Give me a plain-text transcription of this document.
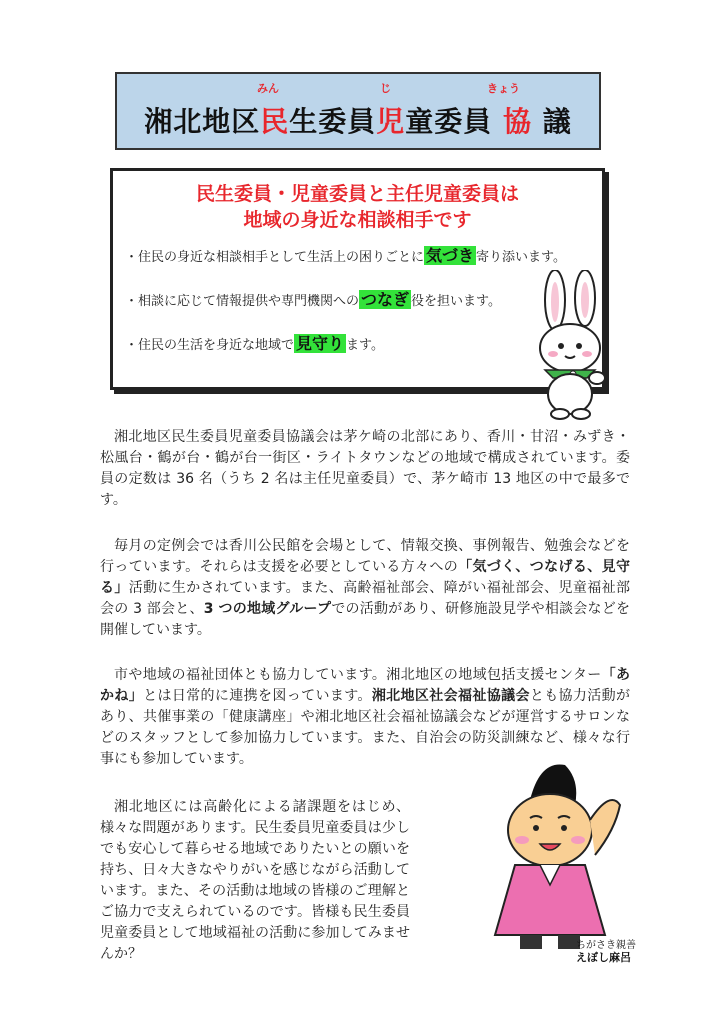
みん	じ	きょう
湘北地区民生委員児童委員 協 議
民生委員・児童委員と主任児童委員は
地域の身近な相談相手です
・住民の身近な相談相手として生活上の困りごとに 気づき 寄り添います。
・相談に応じて情報提供や専門機関への つなぎ 役を担います。
・住民の生活を身近な地域で 見守り ます。

湘北地区民生委員児童委員協議会は茅ケ崎の北部にあり、香川・甘沼・みずき・松風台・鶴が台・鶴が台一街区・ライトタウンなどの地域で構成されています。委員の定数は 36 名（うち 2 名は主任児童委員）で、茅ケ崎市 13 地区の中で最多です。

毎月の定例会では香川公民館を会場として、情報交換、事例報告、勉強会などを行っています。それらは支援を必要としている方々への「気づく、つなげる、見守る」活動に生かされています。また、高齢福祉部会、障がい福祉部会、児童福祉部会の 3 部会と、3 つの地域グループでの活動があり、研修施設見学や相談会などを開催しています。

市や地域の福祉団体とも協力しています。湘北地区の地域包括支援センター「あかね」とは日常的に連携を図っています。湘北地区社会福祉協議会とも協力活動があり、共催事業の「健康講座」や湘北地区社会福祉協議会などが運営するサロンなどのスタッフとして参加協力しています。また、自治会の防災訓練など、様々な行事にも参加しています。

湘北地区には高齢化による諸課題をはじめ、様々な問題があります。民生委員児童委員は少しでも安心して暮らせる地域でありたいとの願いを持ち、日々大きなやりがいを感じながら活動しています。また、その活動は地域の皆様のご理解とご協力で支えられているのです。皆様も民生委員児童委員として地域福祉の活動に参加してみませんか？

ちがさき親善
えぼし麻呂
